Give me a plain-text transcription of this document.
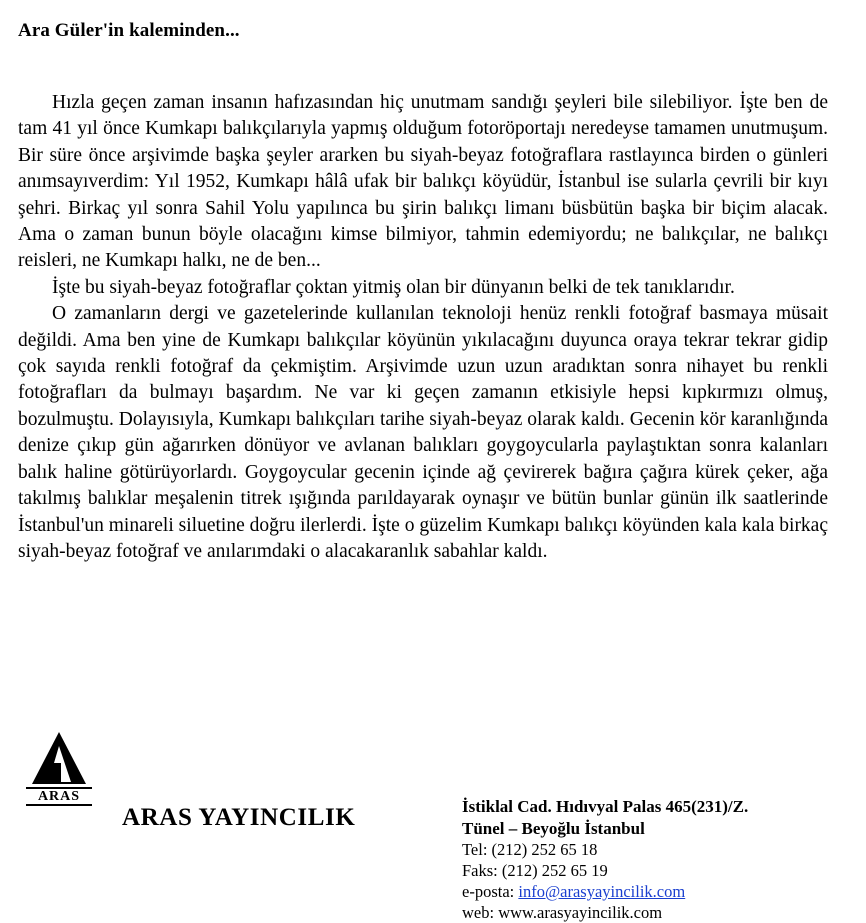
Ara Güler'in kaleminden...

Hızla geçen zaman insanın hafızasından hiç unutmam sandığı şeyleri bile silebiliyor. İşte ben de tam 41 yıl önce Kumkapı balıkçılarıyla yapmış olduğum fotoröportajı neredeyse tamamen unutmuşum. Bir süre önce arşivimde başka şeyler ararken bu siyah-beyaz fotoğraflara rastlayınca birden o günleri anımsayıverdim: Yıl 1952, Kumkapı hâlâ ufak bir balıkçı köyüdür, İstanbul ise sularla çevrili bir kıyı şehri. Birkaç yıl sonra Sahil Yolu yapılınca bu şirin balıkçı limanı büsbütün başka bir biçim alacak. Ama o zaman bunun böyle olacağını kimse bilmiyor, tahmin edemiyordu; ne balıkçılar, ne balıkçı reisleri, ne Kumkapı halkı, ne de ben...

İşte bu siyah-beyaz fotoğraflar çoktan yitmiş olan bir dünyanın belki de tek tanıklarıdır.

O zamanların dergi ve gazetelerinde kullanılan teknoloji henüz renkli fotoğraf basmaya müsait değildi. Ama ben yine de Kumkapı balıkçılar köyünün yıkılacağını duyunca oraya tekrar tekrar gidip çok sayıda renkli fotoğraf da çekmiştim. Arşivimde uzun uzun aradıktan sonra nihayet bu renkli fotoğrafları da bulmayı başardım. Ne var ki geçen zamanın etkisiyle hepsi kıpkırmızı olmuş, bozulmuştu. Dolayısıyla, Kumkapı balıkçıları tarihe siyah-beyaz olarak kaldı. Gecenin kör karanlığında denize çıkıp gün ağarırken dönüyor ve avlanan balıkları goygoycularla paylaştıktan sonra kalanları balık haline götürüyorlardı. Goygoycular gecenin içinde ağ çevirerek bağıra çağıra kürek çeker, ağa takılmış balıklar meşalenin titrek ışığında parıldayarak oynaşır ve bütün bunlar günün ilk saatlerinde İstanbul'un minareli siluetine doğru ilerlerdi. İşte o güzelim Kumkapı balıkçı köyünden kala kala birkaç siyah-beyaz fotoğraf ve anılarımdaki o alacakaranlık sabahlar kaldı.

ARAS
ARAS YAYINCILIK	İstiklal Cad. Hıdıvyal Palas 465(231)/Z.
Tünel – Beyoğlu İstanbul
Tel: (212) 252 65 18
Faks: (212) 252 65 19
e-posta: info@arasyayincilik.com
web: www.arasyayincilik.com
